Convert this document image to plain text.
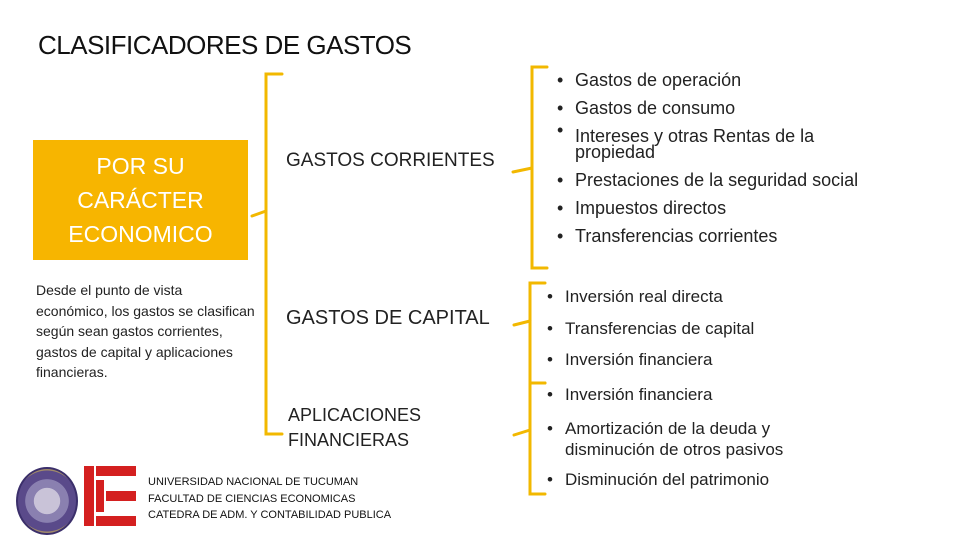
CLASIFICADORES DE GASTOS
POR SU
CARÁCTER
ECONOMICO
Desde el punto de vista económico, los gastos se clasifican según sean gastos corrientes, gastos de capital y aplicaciones financieras.
GASTOS CORRIENTES
GASTOS DE CAPITAL
APLICACIONES
FINANCIERAS
• Gastos de operación
• Gastos de consumo
• Intereses y otras Rentas de la propiedad
• Prestaciones de la seguridad social
• Impuestos directos
• Transferencias corrientes
• Inversión real directa
• Transferencias de capital
• Inversión financiera
• Inversión financiera
• Amortización de la deuda y disminución de otros pasivos
• Disminución del patrimonio
UNIVERSIDAD NACIONAL DE TUCUMAN
FACULTAD DE CIENCIAS ECONOMICAS
CATEDRA DE ADM. Y CONTABILIDAD PUBLICA
